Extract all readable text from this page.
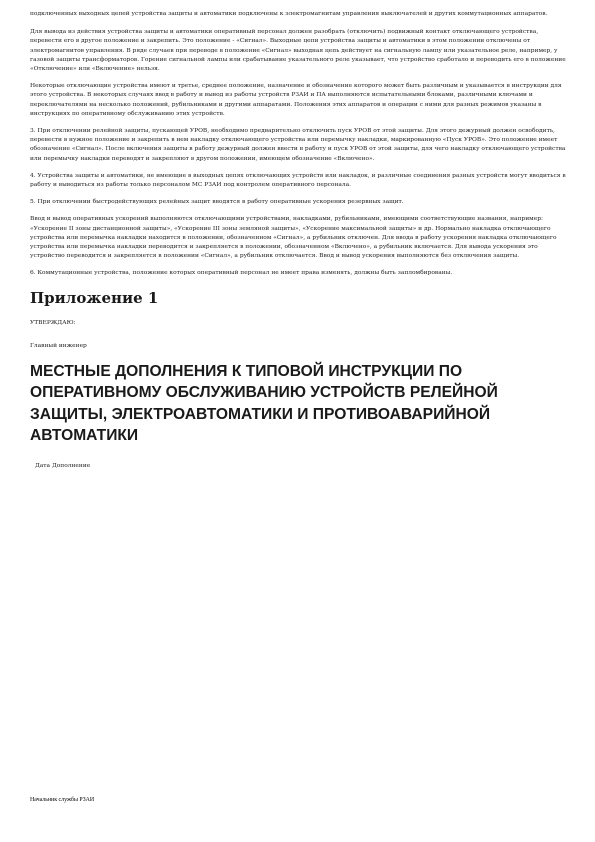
подключенных выходных цепей устройства защиты и автоматики подключены к электромагнитам управления выключателей и других коммутационных аппаратов.

Для вывода из действия устройства защиты и автоматики оперативный персонал должен разобрать (отключить) подвижный контакт отключающего устройства, перевести его в другое положение и закрепить. Это положение - «Сигнал». Выходные цепи устройства защиты и автоматики в этом положении отключены от электромагнитов управления. В ряде случаев при переводе в положение «Сигнал» выходная цепь действует на сигнальную лампу или указательное реле, например, у газовой защиты трансформаторов. Горение сигнальной лампы или срабатывание указательного реле указывает, что устройство сработало и переводить его в положение «Отключение» или «Включение» нельзя.

Некоторые отключающие устройства имеют и третье, среднее положение, назначение и обозначение которого может быть различным и указывается в инструкции для этого устройства. В некоторых случаях ввод в работу и вывод из работы устройств РЗАИ и ПА выполняются испытательными блоками, различными ключами и переключателями на несколько положений, рубильниками и другими аппаратами. Положения этих аппаратов и операции с ними для разных режимов указаны в инструкциях по оперативному обслуживанию этих устройств.

3. При отключении релейной защиты, пускающей УРОВ, необходимо предварительно отключить пуск УРОВ от этой защиты. Для этого дежурный должен освободить, перевести в нужное положение и закрепить в нем накладку отключающего устройства или перемычку накладки, маркированную «Пуск УРОВ». Это положение имеет обозначение «Сигнал». После включения защиты в работу дежурный должен ввести в работу и пуск УРОВ от этой защиты, для чего накладку отключающего устройства или перемычку накладки переводят и закрепляют в другом положении, имеющем обозначение «Включено».

4. Устройства защиты и автоматики, не имеющие в выходных цепях отключающих устройств или накладок, и различные соединения разных устройств могут вводиться в работу и выводиться из работы только персоналом МС РЗАИ под контролем оперативного персонала.

5. При отключении быстродействующих релейных защит вводятся в работу оперативные ускорения резервных защит.

Ввод и вывод оперативных ускорений выполняются отключающими устройствами, накладками, рубильниками, имеющими соответствующие названия, например: «Ускорение II зоны дистанционной защиты», «Ускорение III зоны земляной защиты», «Ускорение максимальной защиты» и др. Нормально накладка отключающего устройства или перемычка накладки находится в положении, обозначенном «Сигнал», а рубильник отключен. Для ввода в работу ускорения накладка отключающего устройства или перемычка накладки переводится и закрепляется в положении, обозначенном «Включено», а рубильник включается. Для вывода ускорения это устройство переводится и закрепляется в положении «Сигнал», а рубильник отключается. Ввод и вывод ускорения выполняются без отключения защиты.

6. Коммутационные устройства, положение которых оперативный персонал не имеет права изменять, должны быть запломбированы.

Приложение 1

УТВЕРЖДАЮ:

Главный инженер

МЕСТНЫЕ ДОПОЛНЕНИЯ К ТИПОВОЙ ИНСТРУКЦИИ ПО ОПЕРАТИВНОМУ ОБСЛУЖИВАНИЮ УСТРОЙСТВ РЕЛЕЙНОЙ ЗАЩИТЫ, ЭЛЕКТРОАВТОМАТИКИ И ПРОТИВОАВАРИЙНОЙ АВТОМАТИКИ

Дата Дополнение

Начальник службы РЗАИ
